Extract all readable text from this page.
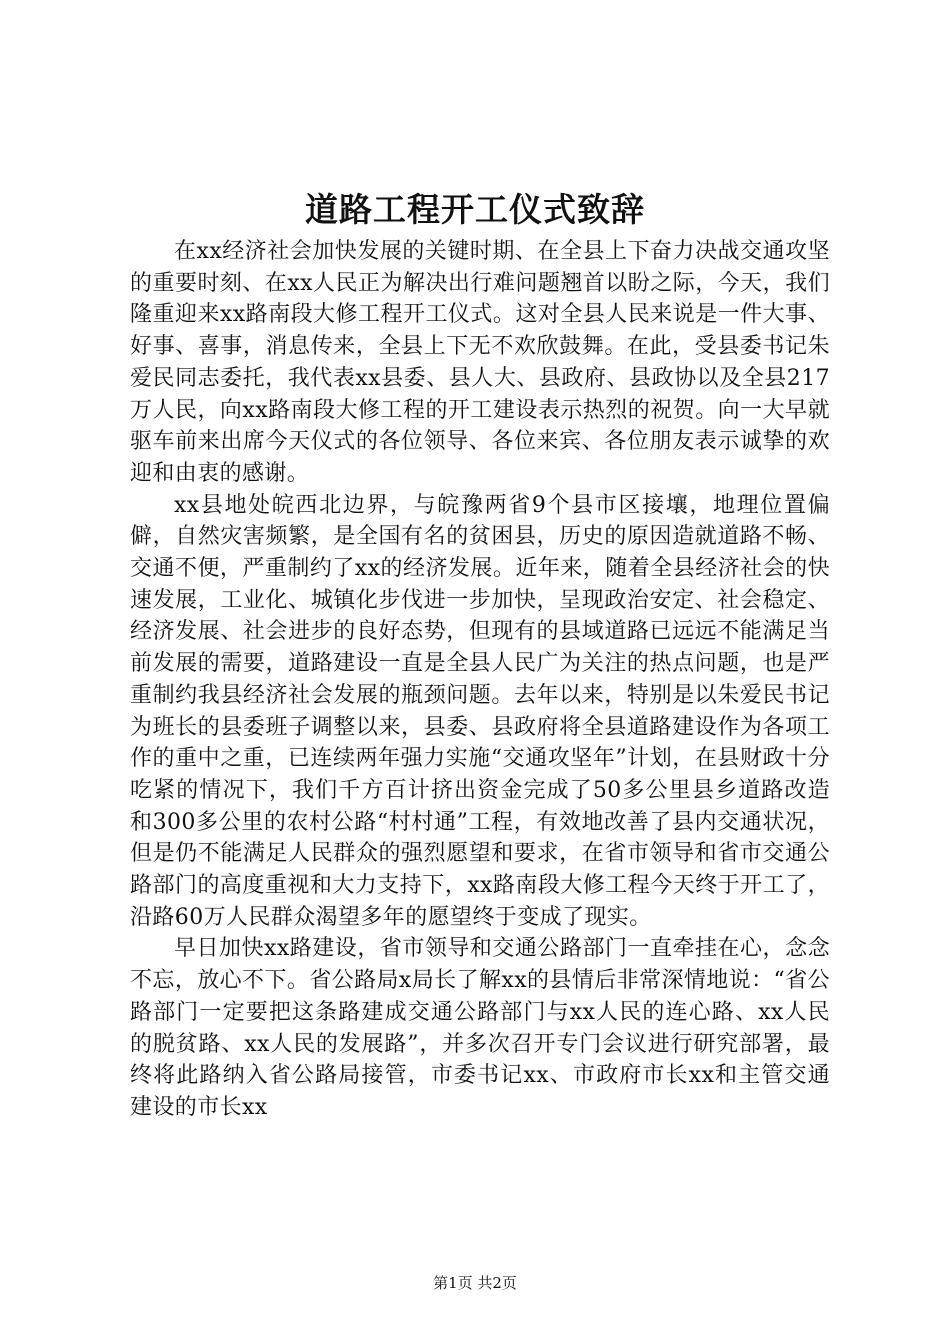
道路工程开工仪式致辞

在xx经济社会加快发展的关键时期、在全县上下奋力决战交通攻坚的重要时刻、在xx人民正为解决出行难问题翘首以盼之际，今天，我们隆重迎来xx路南段大修工程开工仪式。这对全县人民来说是一件大事、好事、喜事，消息传来，全县上下无不欢欣鼓舞。在此，受县委书记朱爱民同志委托，我代表xx县委、县人大、县政府、县政协以及全县217万人民，向xx路南段大修工程的开工建设表示热烈的祝贺。向一大早就驱车前来出席今天仪式的各位领导、各位来宾、各位朋友表示诚挚的欢迎和由衷的感谢。

xx县地处皖西北边界，与皖豫两省9个县市区接壤，地理位置偏僻，自然灾害频繁，是全国有名的贫困县，历史的原因造就道路不畅、交通不便，严重制约了xx的经济发展。近年来，随着全县经济社会的快速发展，工业化、城镇化步伐进一步加快，呈现政治安定、社会稳定、经济发展、社会进步的良好态势，但现有的县域道路已远远不能满足当前发展的需要，道路建设一直是全县人民广为关注的热点问题，也是严重制约我县经济社会发展的瓶颈问题。去年以来，特别是以朱爱民书记为班长的县委班子调整以来，县委、县政府将全县道路建设作为各项工作的重中之重，已连续两年强力实施“交通攻坚年”计划，在县财政十分吃紧的情况下，我们千方百计挤出资金完成了50多公里县乡道路改造和300多公里的农村公路“村村通”工程，有效地改善了县内交通状况，但是仍不能满足人民群众的强烈愿望和要求，在省市领导和省市交通公路部门的高度重视和大力支持下，xx路南段大修工程今天终于开工了，沿路60万人民群众渴望多年的愿望终于变成了现实。

早日加快xx路建设，省市领导和交通公路部门一直牵挂在心，念念不忘，放心不下。省公路局x局长了解xx的县情后非常深情地说：“省公路部门一定要把这条路建成交通公路部门与xx人民的连心路、xx人民的脱贫路、xx人民的发展路”，并多次召开专门会议进行研究部署，最终将此路纳入省公路局接管，市委书记xx、市政府市长xx和主管交通建设的市长xx

第1页 共2页
